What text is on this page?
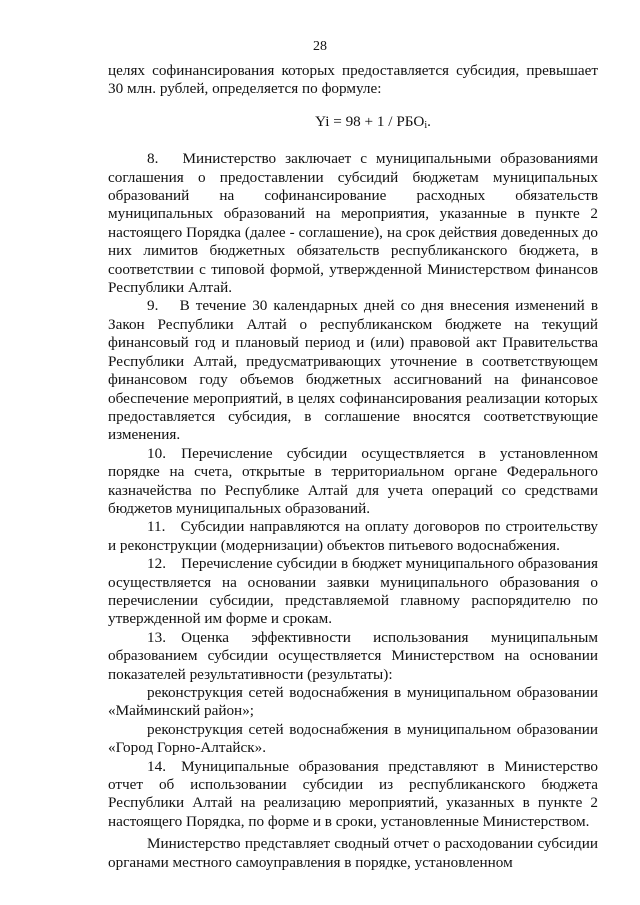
28

целях софинансирования которых предоставляется субсидия, превышает 30 млн. рублей, определяется по формуле:

$Yi = 98 + 1 / РБО_i$.

8.  Министерство заключает с муниципальными образованиями соглашения о предоставлении субсидий бюджетам муниципальных образований на софинансирование расходных обязательств муниципальных образований на мероприятия, указанные в пункте 2 настоящего Порядка (далее - соглашение), на срок действия доведенных до них лимитов бюджетных обязательств республиканского бюджета, в соответствии с типовой формой, утвержденной Министерством финансов Республики Алтай.

9.  В течение 30 календарных дней со дня внесения изменений в Закон Республики Алтай о республиканском бюджете на текущий финансовый год и плановый период и (или) правовой акт Правительства Республики Алтай, предусматривающих уточнение в соответствующем финансовом году объемов бюджетных ассигнований на финансовое обеспечение мероприятий, в целях софинансирования реализации которых предоставляется субсидия, в соглашение вносятся соответствующие изменения.

10. Перечисление субсидии осуществляется в установленном порядке на счета, открытые в территориальном органе Федерального казначейства по Республике Алтай для учета операций со средствами бюджетов муниципальных образований.

11. Субсидии направляются на оплату договоров по строительству и реконструкции (модернизации) объектов питьевого водоснабжения.

12. Перечисление субсидии в бюджет муниципального образования осуществляется на основании заявки муниципального образования о перечислении субсидии, представляемой главному распорядителю по утвержденной им форме и срокам.

13. Оценка эффективности использования муниципальным образованием субсидии осуществляется Министерством на основании показателей результативности (результаты):

реконструкция сетей водоснабжения в муниципальном образовании «Майминский район»;

реконструкция сетей водоснабжения в муниципальном образовании «Город Горно-Алтайск».

14. Муниципальные образования представляют в Министерство отчет об использовании субсидии из республиканского бюджета Республики Алтай на реализацию мероприятий, указанных в пункте 2 настоящего Порядка, по форме и в сроки, установленные Министерством.

Министерство представляет сводный отчет о расходовании субсидии органами местного самоуправления в порядке, установленном
